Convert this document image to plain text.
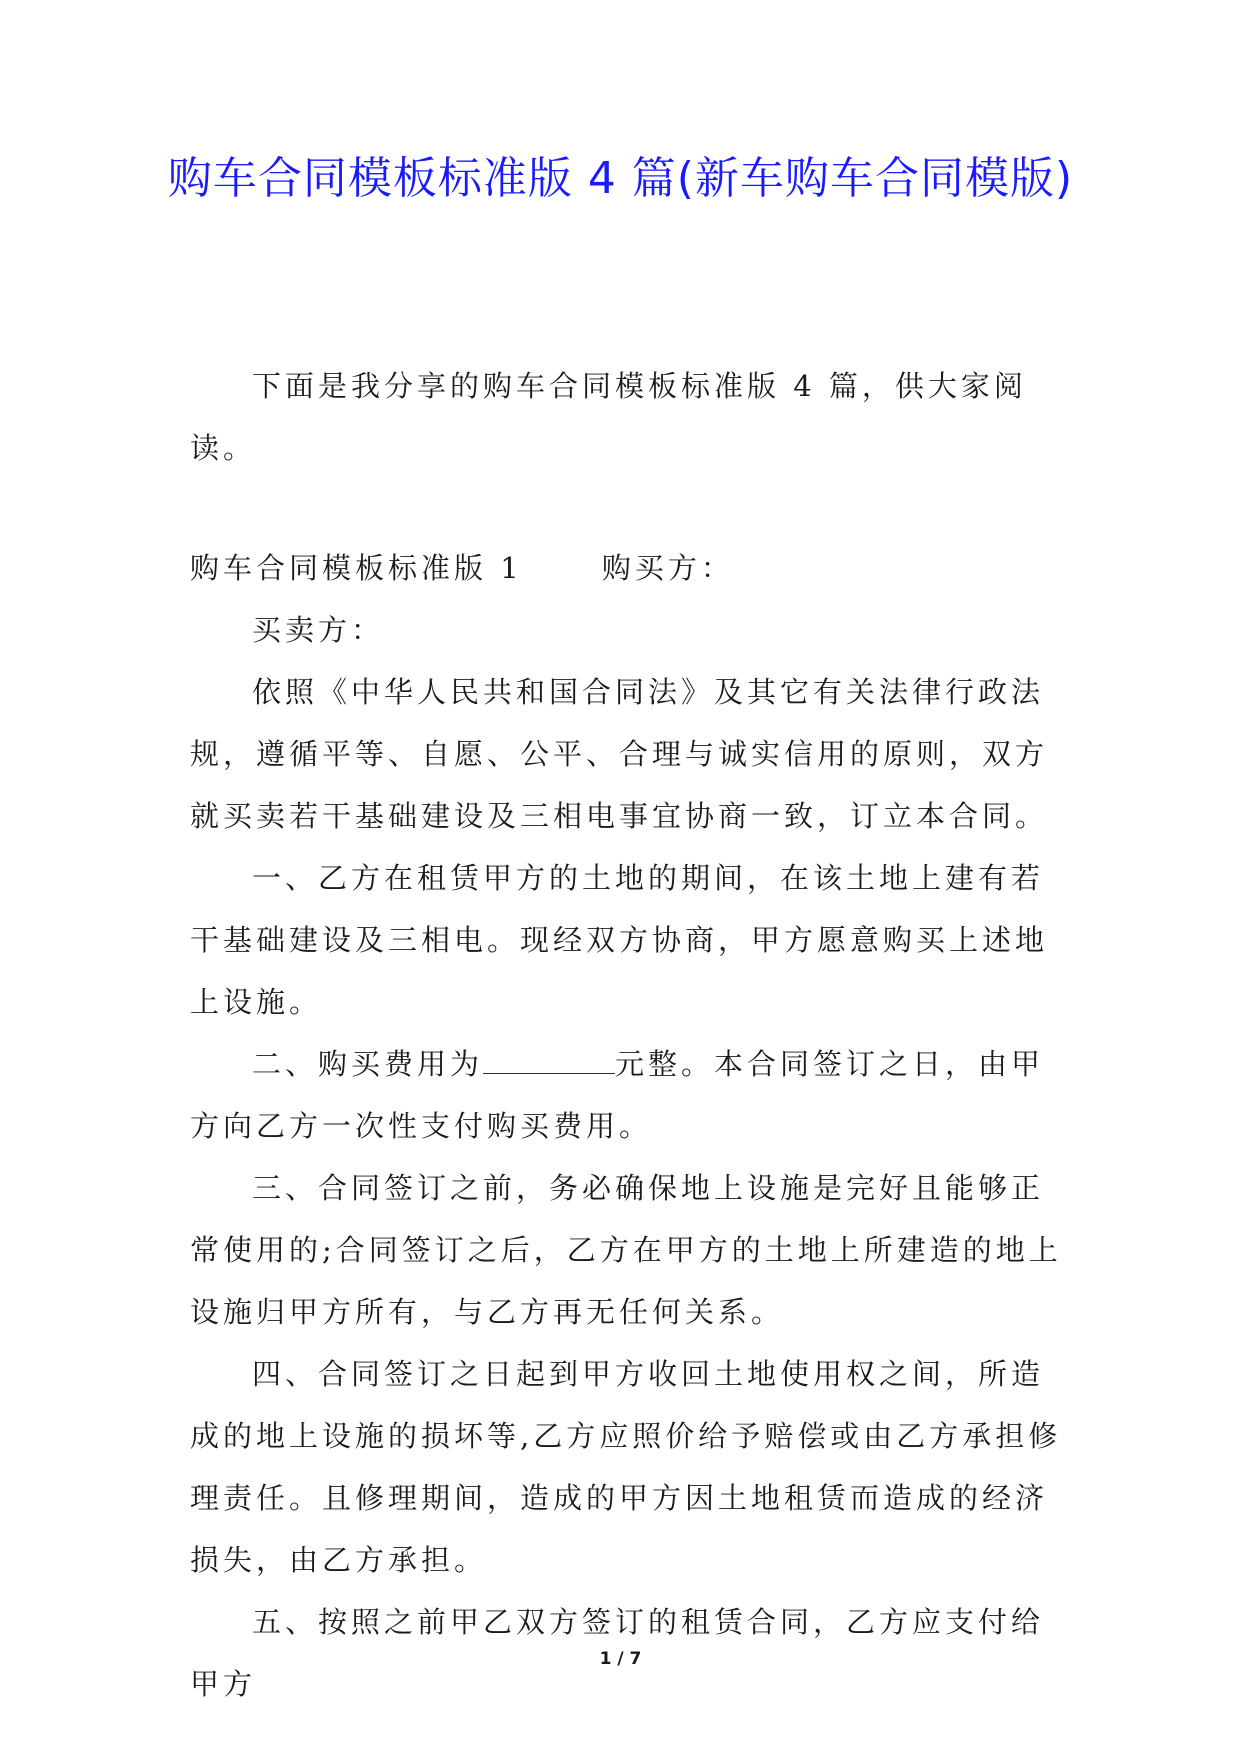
购车合同模板标准版 4 篇(新车购车合同模版)

下面是我分享的购车合同模板标准版 4 篇，供大家阅读。

购车合同模板标准版 1	购买方：

买卖方：

依照《中华人民共和国合同法》及其它有关法律行政法规，遵循平等、自愿、公平、合理与诚实信用的原则，双方就买卖若干基础建设及三相电事宜协商一致，订立本合同。

一、乙方在租赁甲方的土地的期间，在该土地上建有若干基础建设及三相电。现经双方协商，甲方愿意购买上述地上设施。

二、购买费用为	元整。本合同签订之日，由甲方向乙方一次性支付购买费用。

三、合同签订之前，务必确保地上设施是完好且能够正常使用的;合同签订之后，乙方在甲方的土地上所建造的地上设施归甲方所有，与乙方再无任何关系。

四、合同签订之日起到甲方收回土地使用权之间，所造成的地上设施的损坏等,乙方应照价给予赔偿或由乙方承担修理责任。且修理期间，造成的甲方因土地租赁而造成的经济损失，由乙方承担。

五、按照之前甲乙双方签订的租赁合同，乙方应支付给甲方

1 / 7
